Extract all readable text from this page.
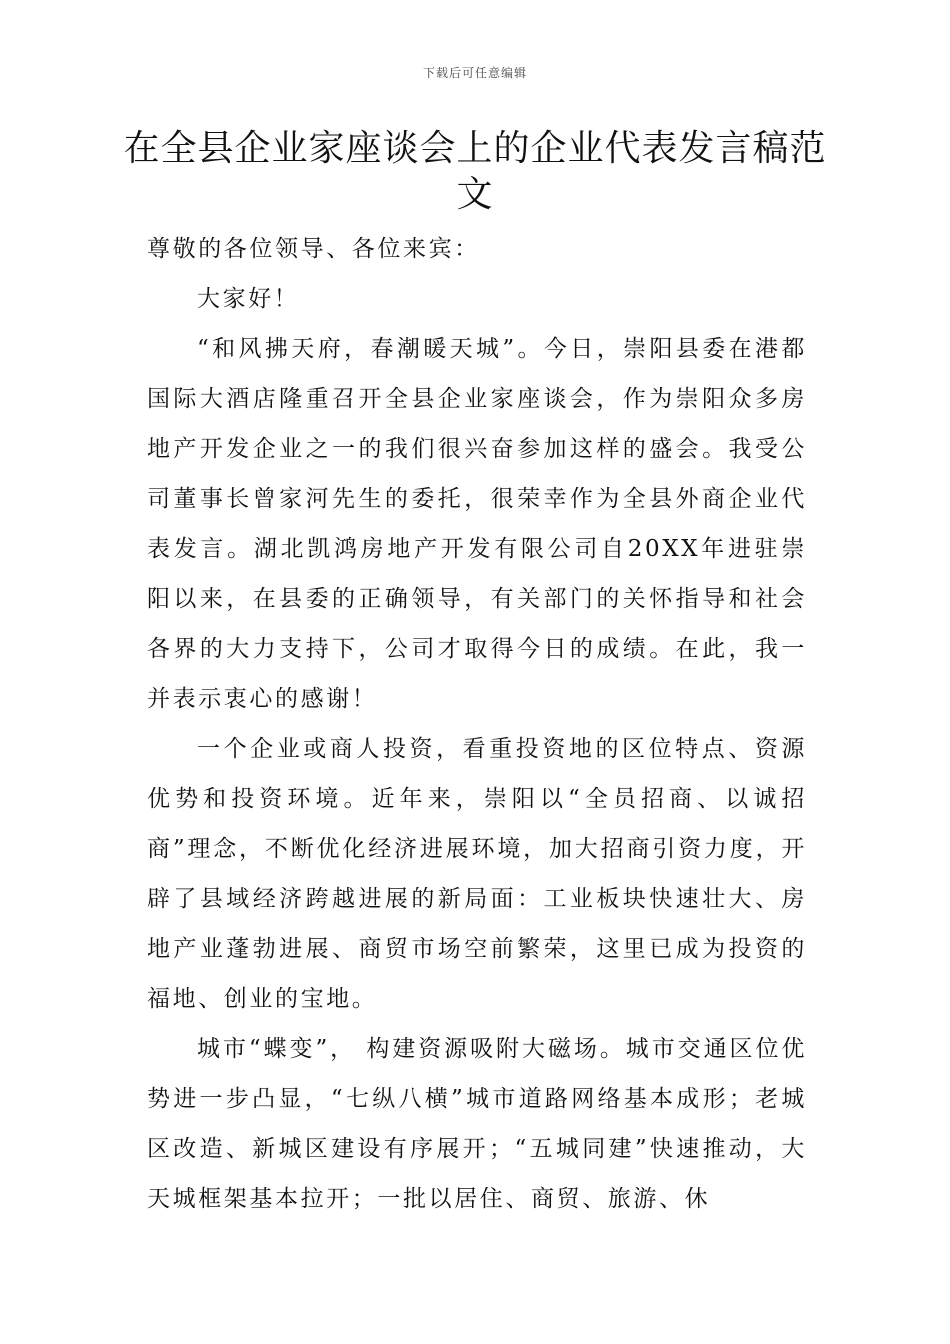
下载后可任意编辑
在全县企业家座谈会上的企业代表发言稿范文

尊敬的各位领导、各位来宾：

大家好！

“和风拂天府，春潮暖天城”。今日，崇阳县委在港都国际大酒店隆重召开全县企业家座谈会，作为崇阳众多房地产开发企业之一的我们很兴奋参加这样的盛会。我受公司董事长曾家河先生的委托，很荣幸作为全县外商企业代表发言。湖北凯鸿房地产开发有限公司自20XX年进驻崇阳以来，在县委的正确领导，有关部门的关怀指导和社会各界的大力支持下，公司才取得今日的成绩。在此，我一并表示衷心的感谢！

一个企业或商人投资，看重投资地的区位特点、资源优势和投资环境。近年来，崇阳以“全员招商、以诚招商”理念，不断优化经济进展环境，加大招商引资力度，开辟了县域经济跨越进展的新局面：工业板块快速壮大、房地产业蓬勃进展、商贸市场空前繁荣，这里已成为投资的福地、创业的宝地。

城市“蝶变”， 构建资源吸附大磁场。城市交通区位优势进一步凸显，“七纵八横”城市道路网络基本成形；老城区改造、新城区建设有序展开；“五城同建”快速推动，大天城框架基本拉开；一批以居住、商贸、旅游、休
